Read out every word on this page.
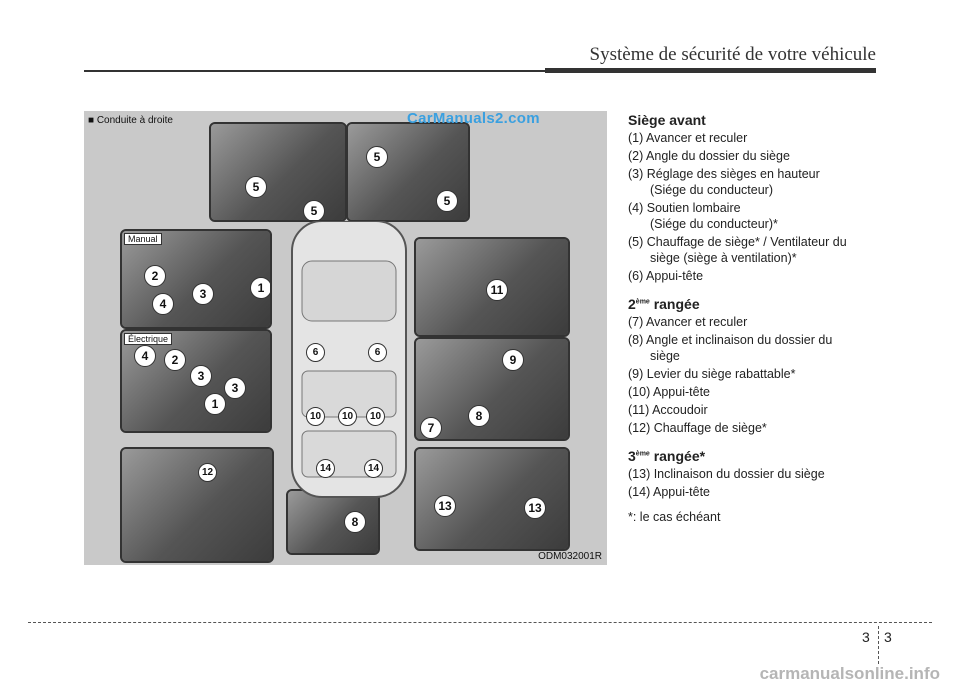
Système de sécurité de votre véhicule
5
5
5
5
Manual
2
3
4
1
Électrique
4	2
3
3
1
12
11
9
8
7
13	13
8
6	6
10	10	10
14	14
■ Conduite à droite	CarManuals2.com
ODM032001R
Siège avant
(1) Avancer et reculer
(2) Angle du dossier du siège
(3) Réglage des sièges en hauteur
(Siége du conducteur)
(4) Soutien lombaire
(Siége du conducteur)*
(5) Chauffage de siège* / Ventilateur du
siège (siège à ventilation)*
(6) Appui-tête
2ème rangée
(7) Avancer et reculer
(8) Angle et inclinaison du dossier du
siège
(9) Levier du siège rabattable*
(10) Appui-tête
(11) Accoudoir
(12) Chauffage de siège*
3ème rangée*
(13) Inclinaison du dossier du siège
(14) Appui-tête
*: le cas échéant
3 3
carmanualsonline.info
